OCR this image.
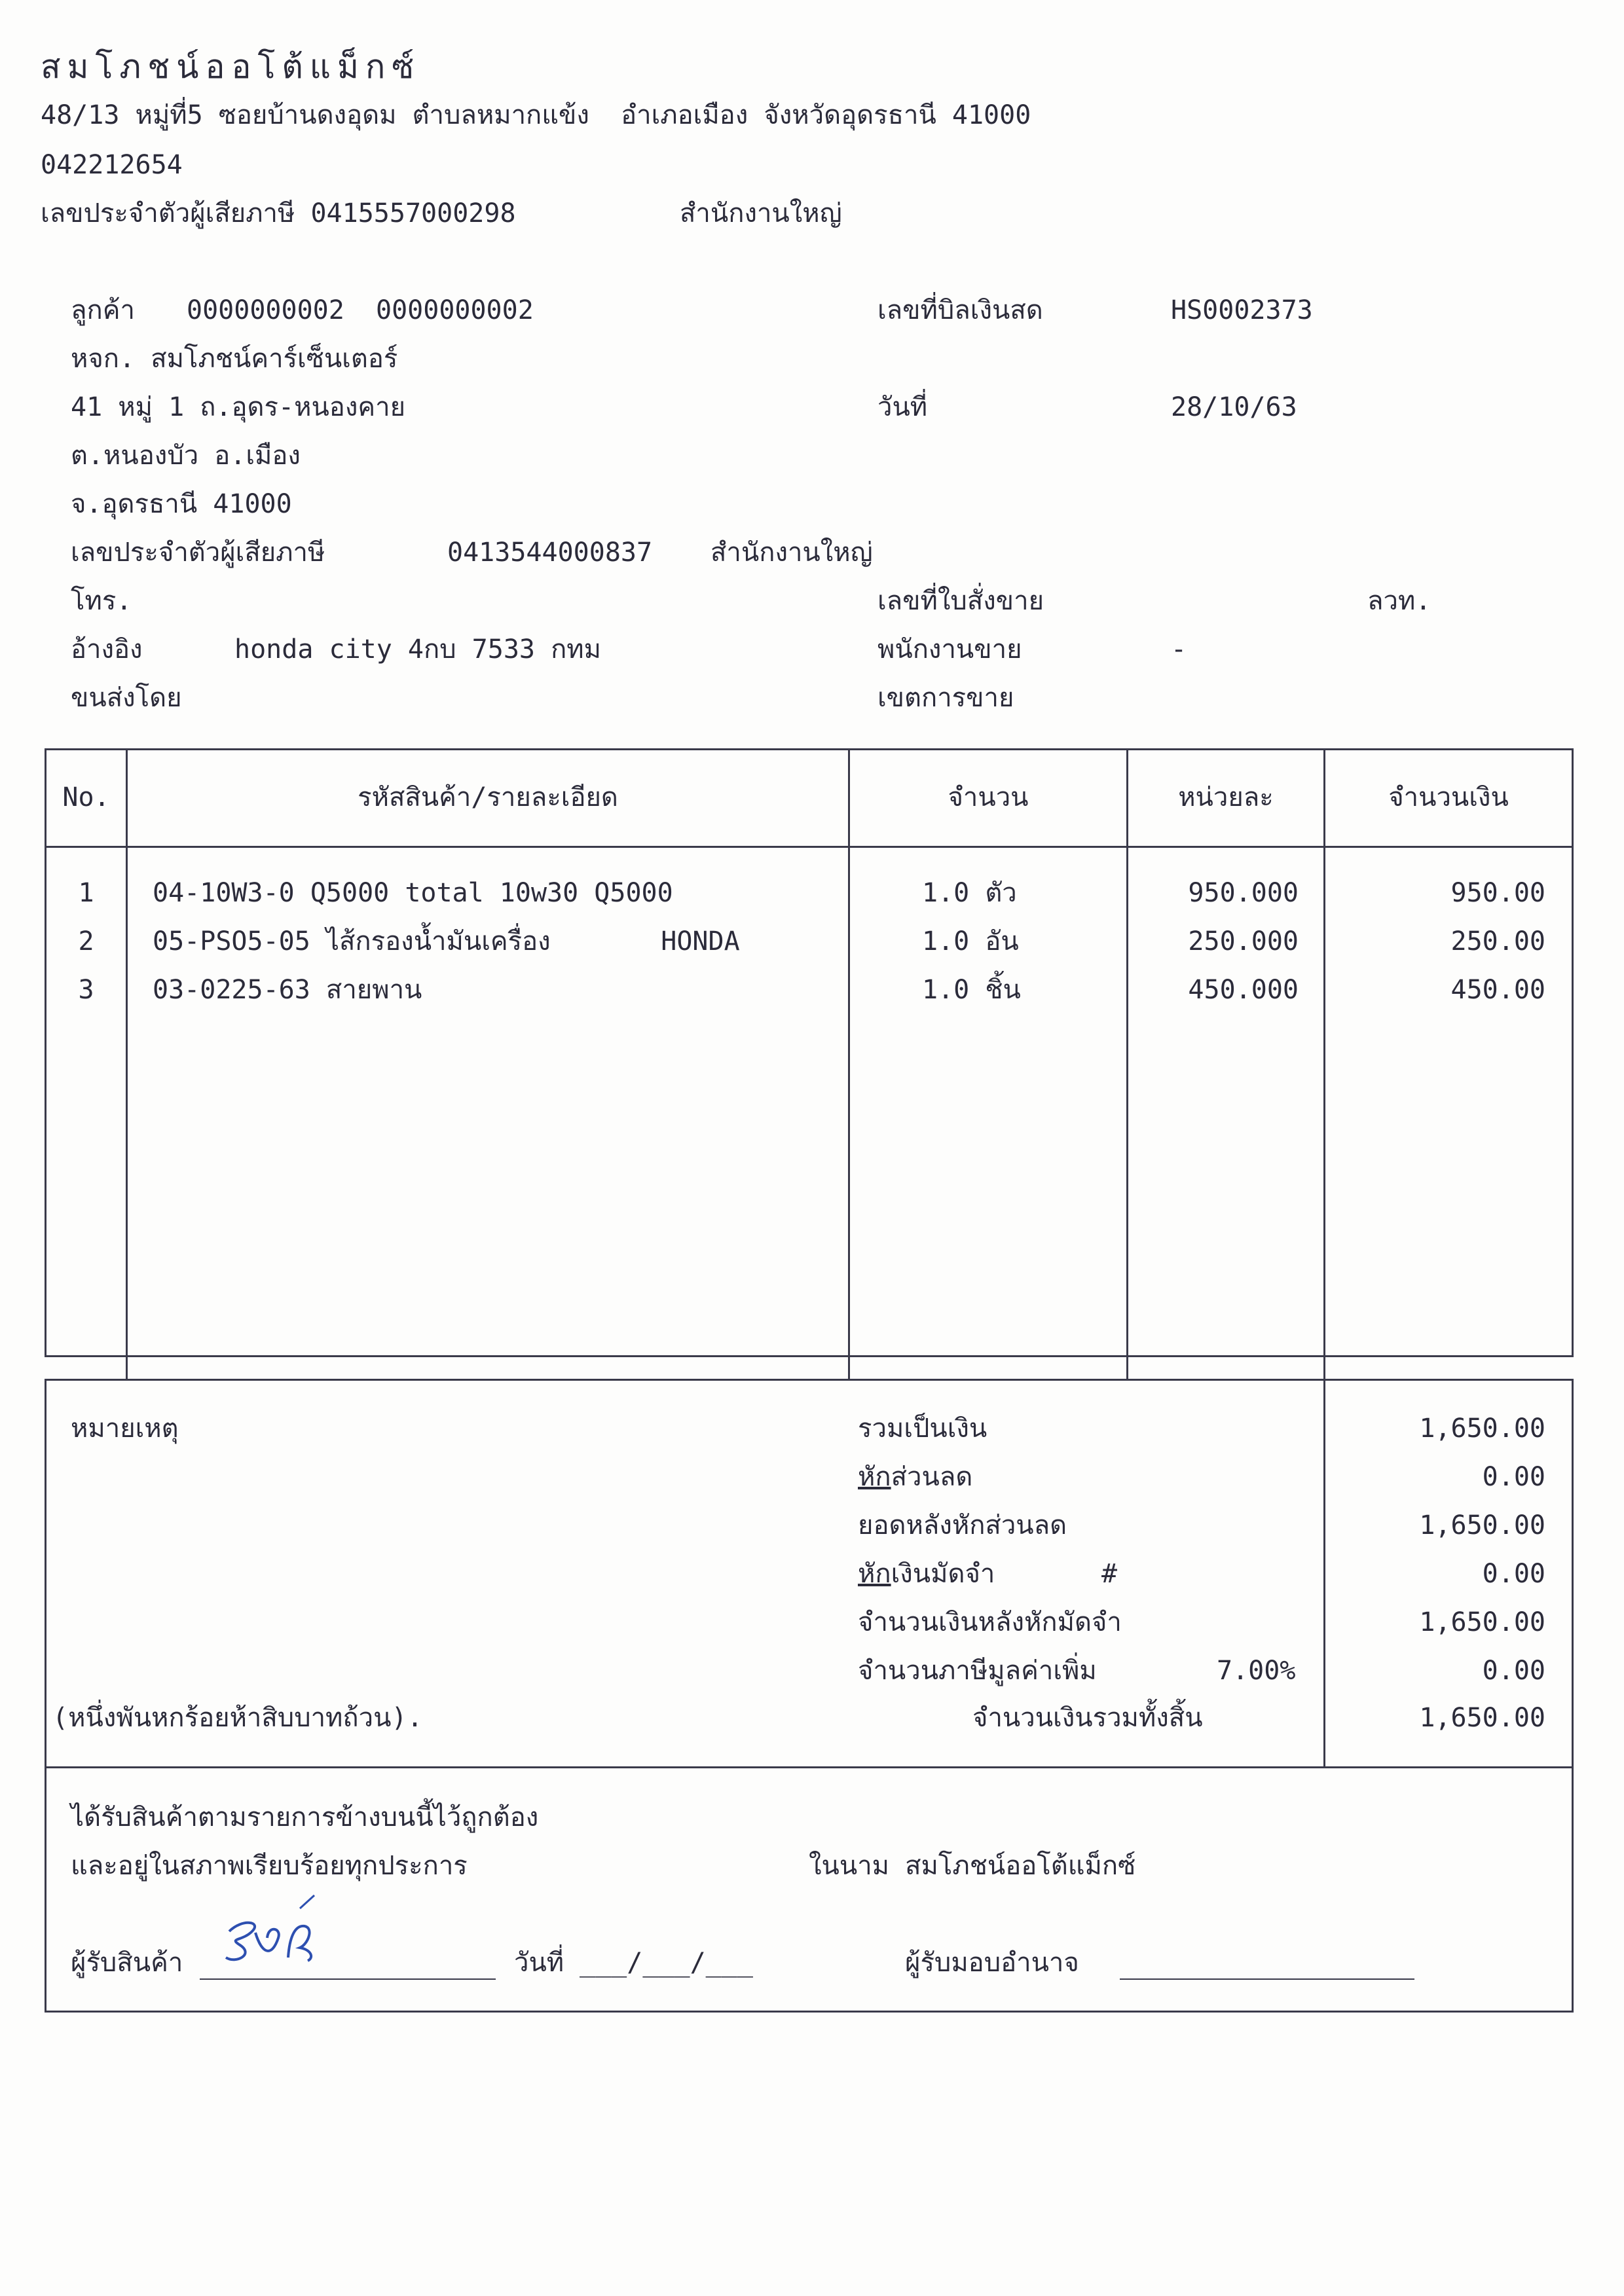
สมโภชน์ออโต้แม็กซ์
48/13 หมู่ที่5 ซอยบ้านดงอุดม ตำบลหมากแข้ง  อำเภอเมือง จังหวัดอุดรธานี 41000
042212654
เลขประจำตัวผู้เสียภาษี 0415557000298	สำนักงานใหญ่
ลูกค้า 0000000002  0000000002
หจก. สมโภชน์คาร์เซ็นเตอร์
41 หมู่ 1 ถ.อุดร-หนองคาย
ต.หนองบัว อ.เมือง
จ.อุดรธานี 41000
เลขประจำตัวผู้เสียภาษี	0413544000837 สำนักงานใหญ่
โทร.
อ้างอิง	honda city 4กบ 7533 กทม
ขนส่งโดย
เลขที่บิลเงินสด	HS0002373
วันที่	28/10/63
เลขที่ใบสั่งขาย	ลวท.
พนักงานขาย	-
เขตการขาย
No.	รหัสสินค้า/รายละเอียด	จำนวน	หน่วยละ	จำนวนเงิน
1	04-10W3-0 Q5000 total 10w30 Q5000	1.0 ตัว	950.000	950.00
2	05-PSO5-05 ไส้กรองน้ำมันเครื่อง       HONDA	1.0 อัน	250.000	250.00
3	03-0225-63 สายพาน	1.0 ชิ้น	450.000	450.00
หมายเหตุ
(หนึ่งพันหกร้อยห้าสิบบาทถ้วน).
รวมเป็นเงิน	1,650.00
หักส่วนลด	0.00
ยอดหลังหักส่วนลด	1,650.00
หักเงินมัดจำ	#	0.00
จำนวนเงินหลังหักมัดจำ	1,650.00
จำนวนภาษีมูลค่าเพิ่ม	7.00%	0.00
จำนวนเงินรวมทั้งสิ้น	1,650.00
ได้รับสินค้าตามรายการข้างบนนี้ไว้ถูกต้อง
และอยู่ในสภาพเรียบร้อยทุกประการ	ในนาม สมโภชน์ออโต้แม็กซ์
ผู้รับสินค้า	วันที่ ___/___/___	ผู้รับมอบอำนาจ
